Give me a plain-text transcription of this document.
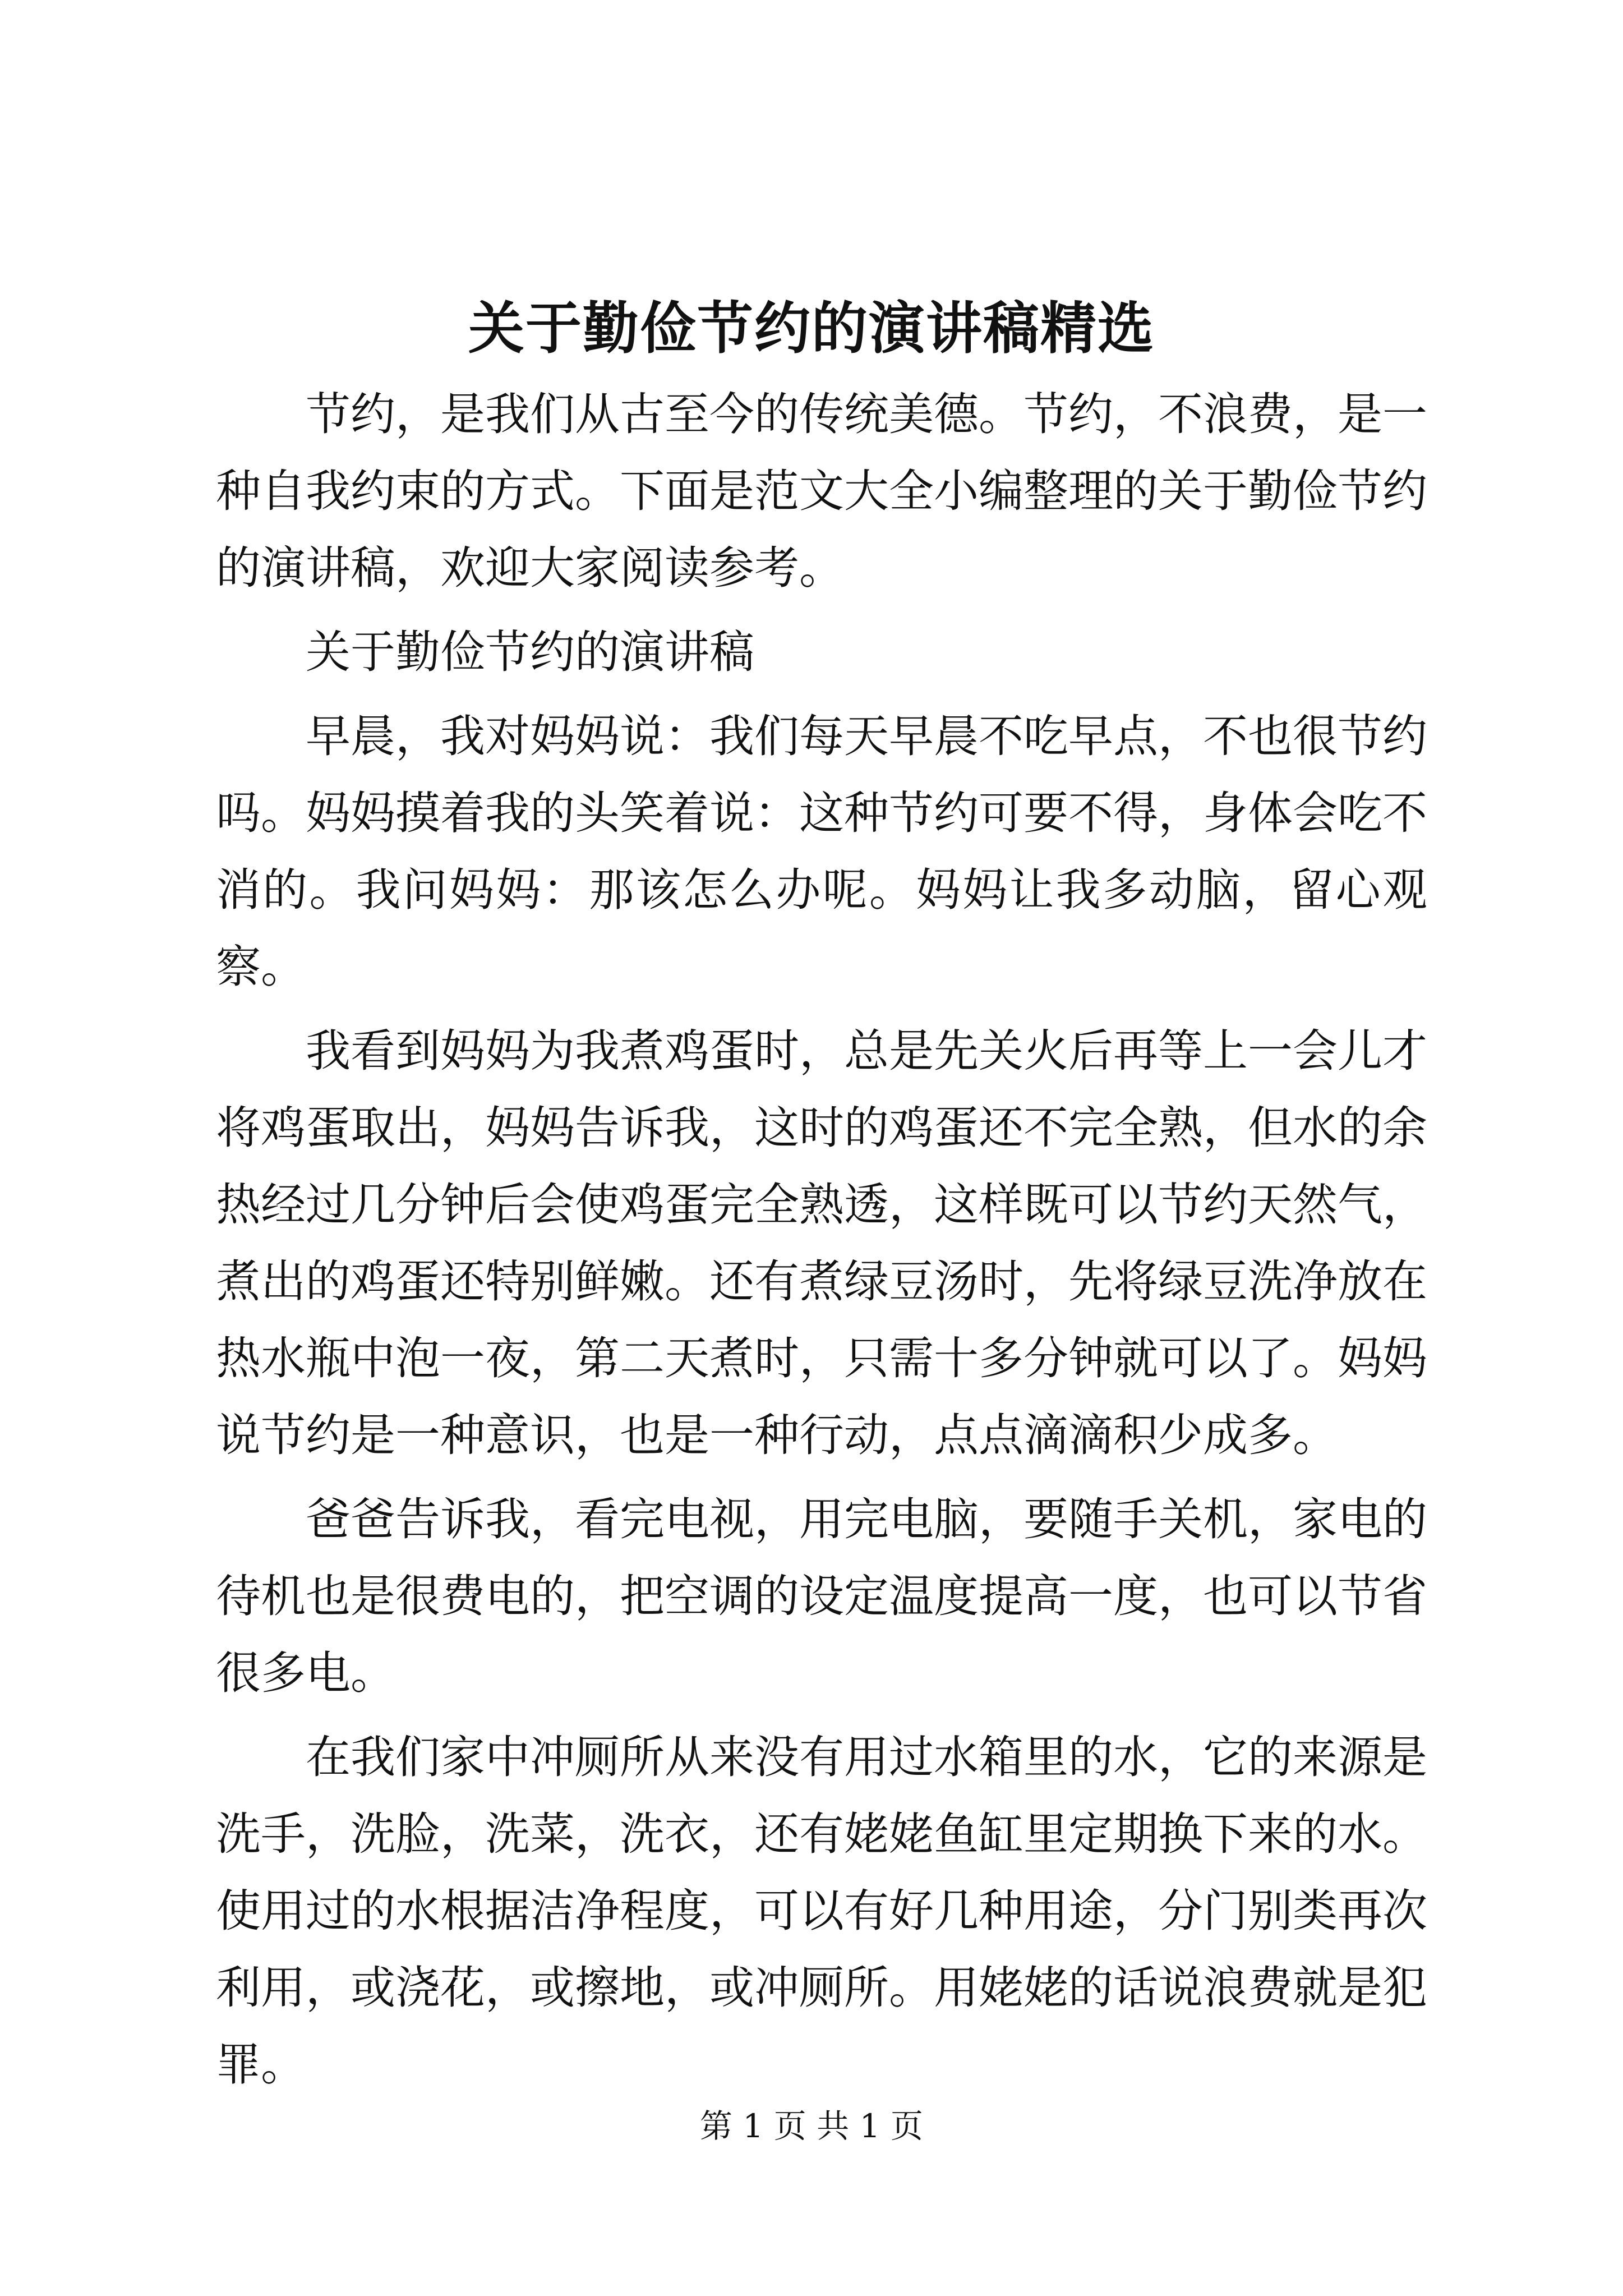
关于勤俭节约的演讲稿精选

节约，是我们从古至今的传统美德。节约，不浪费，是一种自我约束的方式。下面是范文大全小编整理的关于勤俭节约的演讲稿，欢迎大家阅读参考。

关于勤俭节约的演讲稿

早晨，我对妈妈说：我们每天早晨不吃早点，不也很节约吗。妈妈摸着我的头笑着说：这种节约可要不得，身体会吃不消的。我问妈妈：那该怎么办呢。妈妈让我多动脑，留心观察。

我看到妈妈为我煮鸡蛋时，总是先关火后再等上一会儿才将鸡蛋取出，妈妈告诉我，这时的鸡蛋还不完全熟，但水的余热经过几分钟后会使鸡蛋完全熟透，这样既可以节约天然气，煮出的鸡蛋还特别鲜嫩。还有煮绿豆汤时，先将绿豆洗净放在热水瓶中泡一夜，第二天煮时，只需十多分钟就可以了。妈妈说节约是一种意识，也是一种行动，点点滴滴积少成多。

爸爸告诉我，看完电视，用完电脑，要随手关机，家电的待机也是很费电的，把空调的设定温度提高一度，也可以节省很多电。

在我们家中冲厕所从来没有用过水箱里的水，它的来源是洗手，洗脸，洗菜，洗衣，还有姥姥鱼缸里定期换下来的水。使用过的水根据洁净程度，可以有好几种用途，分门别类再次利用，或浇花，或擦地，或冲厕所。用姥姥的话说浪费就是犯罪。

第 1 页 共 1 页
